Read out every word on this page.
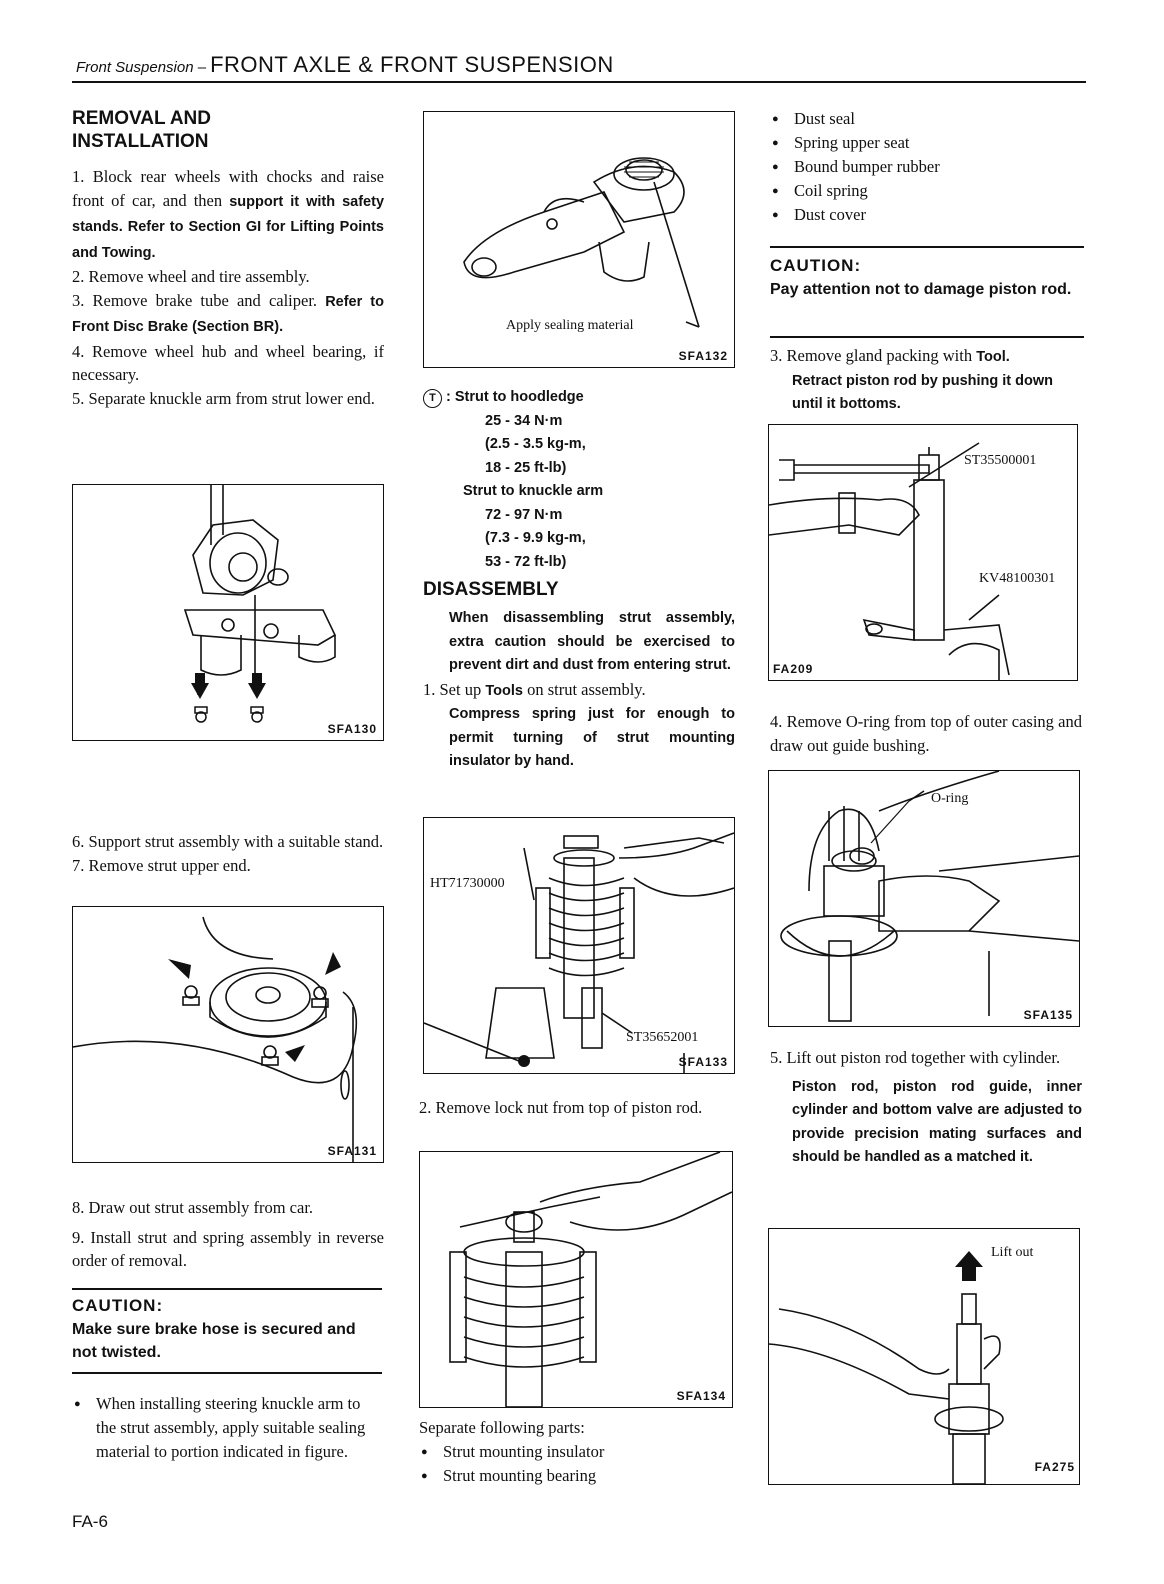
Front Suspension – FRONT AXLE & FRONT SUSPENSION
REMOVAL AND
INSTALLATION
1. Block rear wheels with chocks and raise front of car, and then support it with safety stands. Refer to Section GI for Lifting Points and Towing.
2. Remove wheel and tire assembly.
3. Remove brake tube and caliper. Refer to Front Disc Brake (Section BR).
4. Remove wheel hub and wheel bearing, if necessary.
5. Separate knuckle arm from strut lower end.
SFA130
6. Support strut assembly with a suitable stand.
7. Remove strut upper end.
SFA131
8. Draw out strut assembly from car.
9. Install strut and spring assembly in reverse order of removal.
CAUTION:
Make sure brake hose is secured and not twisted.
● When installing steering knuckle arm to the strut assembly, apply suitable sealing material to portion indicated in figure.
Apply sealing material
SFA132
T : Strut to hoodledge
25 - 34 N·m
(2.5 - 3.5 kg-m,
18 - 25 ft-lb)
Strut to knuckle arm
72 - 97 N·m
(7.3 - 9.9 kg-m,
53 - 72 ft-lb)
DISASSEMBLY
When disassembling strut assembly, extra caution should be exercised to prevent dirt and dust from entering strut.
1. Set up Tools on strut assembly.
Compress spring just for enough to permit turning of strut mounting insulator by hand.
HT71730000
ST35652001
SFA133
2. Remove lock nut from top of piston rod.
SFA134
Separate following parts:
● Strut mounting insulator
● Strut mounting bearing
● Dust seal
● Spring upper seat
● Bound bumper rubber
● Coil spring
● Dust cover
CAUTION:
Pay attention not to damage piston rod.
3. Remove gland packing with Tool.
Retract piston rod by pushing it down until it bottoms.
ST35500001
KV48100301
FA209
4. Remove O-ring from top of outer casing and draw out guide bushing.
O-ring
SFA135
5. Lift out piston rod together with cylinder.
Piston rod, piston rod guide, inner cylinder and bottom valve are adjusted to provide precision mating surfaces and should be handled as a matched it.
Lift out
FA275
FA-6
